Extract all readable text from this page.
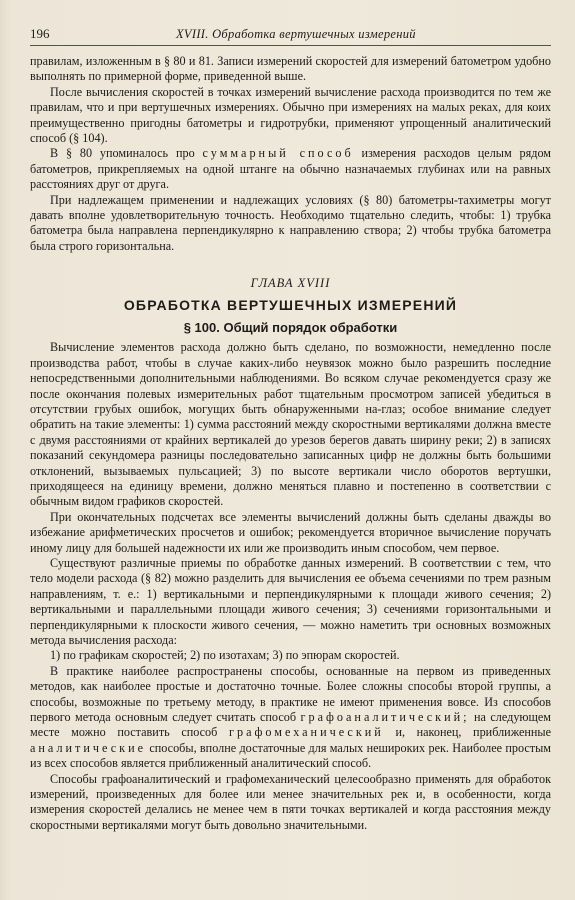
196	XVIII. Обработка вертушечных измерений

правилам, изложенным в § 80 и 81. Записи измерений скоростей для измерений батометром удобно выполнять по примерной форме, приведенной выше.

После вычисления скоростей в точках измерений вычисление расхода производится по тем же правилам, что и при вертушечных измерениях. Обычно при измерениях на малых реках, для коих преимущественно пригодны батометры и гидротрубки, применяют упрощенный аналитический способ (§ 104).

В § 80 упоминалось про суммарный способ измерения расходов целым рядом батометров, прикрепляемых на одной штанге на обычно назначаемых глубинах или на равных расстояниях друг от друга.

При надлежащем применении и надлежащих условиях (§ 80) батометры-тахиметры могут давать вполне удовлетворительную точность. Необходимо тщательно следить, чтобы: 1) трубка батометра была направлена перпендикулярно к направлению створа; 2) чтобы трубка батометра была строго горизонтальна.

ГЛАВА XVIII
ОБРАБОТКА ВЕРТУШЕЧНЫХ ИЗМЕРЕНИЙ
§ 100. Общий порядок обработки

Вычисление элементов расхода должно быть сделано, по возможности, немедленно после производства работ, чтобы в случае каких-либо неувязок можно было разрешить последние непосредственными дополнительными наблюдениями. Во всяком случае рекомендуется сразу же после окончания полевых измерительных работ тщательным просмотром записей убедиться в отсутствии грубых ошибок, могущих быть обнаруженными на-глаз; особое внимание следует обратить на такие элементы: 1) сумма расстояний между скоростными вертикалями должна вместе с двумя расстояниями от крайних вертикалей до урезов берегов давать ширину реки; 2) в записях показаний секундомера разницы последовательно записанных цифр не должны быть большими отклонений, вызываемых пульсацией; 3) по высоте вертикали число оборотов вертушки, приходящееся на единицу времени, должно меняться плавно и постепенно в соответствии с обычным видом графиков скоростей.

При окончательных подсчетах все элементы вычислений должны быть сделаны дважды во избежание арифметических просчетов и ошибок; рекомендуется вторичное вычисление поручать иному лицу для большей надежности их или же производить иным способом, чем первое.

Существуют различные приемы по обработке данных измерений. В соответствии с тем, что тело модели расхода (§ 82) можно разделить для вычисления ее объема сечениями по трем разным направлениям, т. е.: 1) вертикальными и перпендикулярными к площади живого сечения; 2) вертикальными и параллельными площади живого сечения; 3) сечениями горизонтальными и перпендикулярными к плоскости живого сечения, — можно наметить три основных возможных метода вычисления расхода:

1) по графикам скоростей; 2) по изотахам; 3) по эпюрам скоростей.

В практике наиболее распространены способы, основанные на первом из приведенных методов, как наиболее простые и достаточно точные. Более сложны способы второй группы, а способы, возможные по третьему методу, в практике не имеют применения вовсе. Из способов первого метода основным следует считать способ графоаналитический; на следующем месте можно поставить способ графомеханический и, наконец, приближенные аналитические способы, вполне достаточные для малых неширокиx рек. Наиболее простым из всех способов является приближенный аналитический способ.

Способы графоаналитический и графомеханический целесообразно применять для обработок измерений, произведенных для более или менее значительных рек и, в особенности, когда измерения скоростей делались не менее чем в пяти точках вертикалей и когда расстояния между скоростными вертикалями могут быть довольно значительными.
